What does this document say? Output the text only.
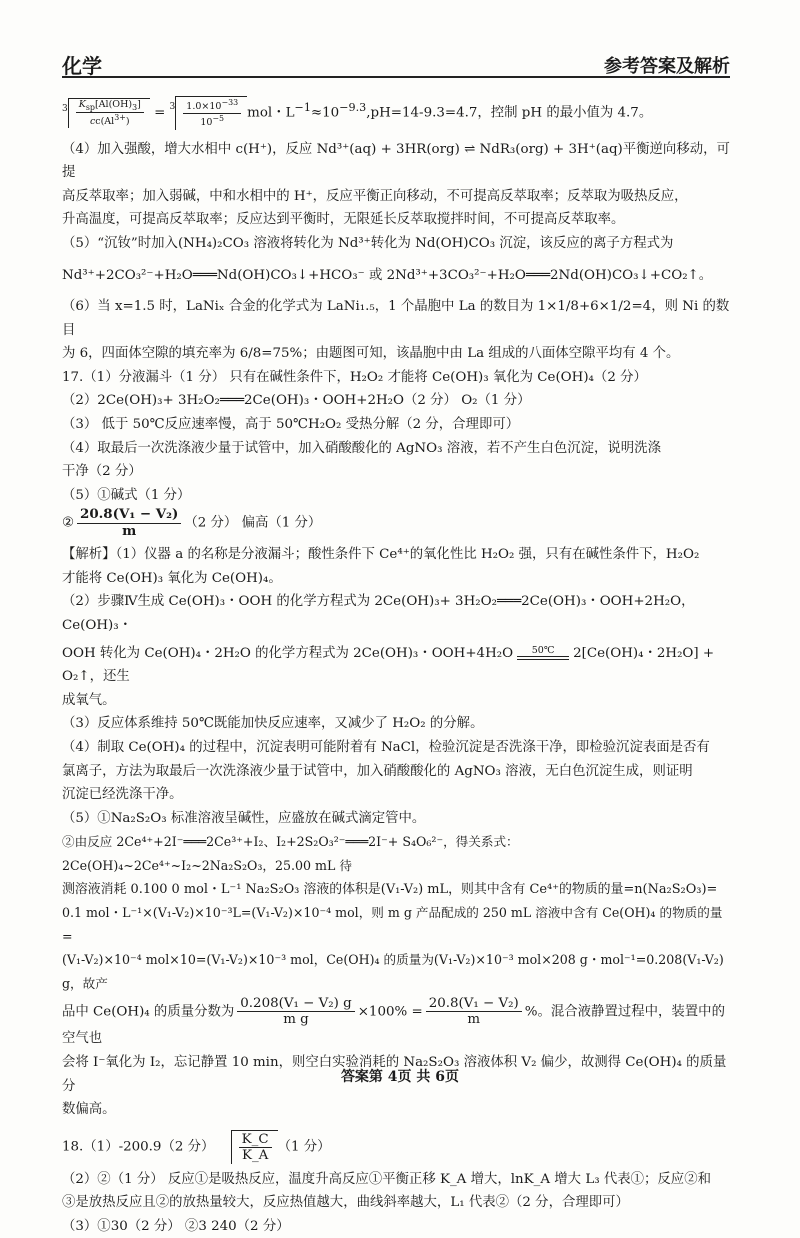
化学	参考答案及解析

$^3 \frac{K_{sp}[Al(OH)_3]}{cc(Al^{3+})} = ^3 \frac{1.0\times 10^{-33}}{10^{-5}}$ mol・$L^{-1}\approx 10^{-9.3},pH=14-9.3=4.7$，控制 pH 的最小值为 4.7。

（4）加入强酸，增大水相中 c(H⁺)，反应 Nd³⁺(aq) + 3HR(org) ⇌ NdR₃(org) + 3H⁺(aq)平衡逆向移动，可提

高反萃取率；加入弱碱，中和水相中的 H⁺，反应平衡正向移动，不可提高反萃取率；反萃取为吸热反应，

升高温度，可提高反萃取率；反应达到平衡时，无限延长反萃取搅拌时间，不可提高反萃取率。

（5）“沉钕”时加入(NH₄)₂CO₃ 溶液将转化为 Nd³⁺转化为 Nd(OH)CO₃ 沉淀，该反应的离子方程式为

Nd³⁺+2CO₃²⁻+H₂O═══Nd(OH)CO₃↓+HCO₃⁻ 或 2Nd³⁺+3CO₃²⁻+H₂O═══2Nd(OH)CO₃↓+CO₂↑。

（6）当 x=1.5 时，LaNiₓ 合金的化学式为 LaNi₁.₅，1 个晶胞中 La 的数目为 1×1/8+6×1/2=4，则 Ni 的数目

为 6，四面体空隙的填充率为 6/8=75%；由题图可知，该晶胞中由 La 组成的八面体空隙平均有 4 个。

17.（1）分液漏斗（1 分） 只有在碱性条件下，H₂O₂ 才能将 Ce(OH)₃ 氧化为 Ce(OH)₄（2 分）

（2）2Ce(OH)₃+ 3H₂O₂═══2Ce(OH)₃・OOH+2H₂O（2 分） O₂（1 分）

（3） 低于 50℃反应速率慢，高于 50℃H₂O₂ 受热分解（2 分，合理即可）

（4）取最后一次洗涤液少量于试管中，加入硝酸酸化的 AgNO₃ 溶液，若不产生白色沉淀，说明洗涤

干净（2 分）

（5）①碱式（1 分）

② $\frac{\text{20.8(V₁ − V₂)}}{m} (2$ 分） 偏高（1 分）

【解析】（1）仪器 a 的名称是分液漏斗；酸性条件下 Ce⁴⁺的氧化性比 H₂O₂ 强，只有在碱性条件下，H₂O₂

才能将 Ce(OH)₃ 氧化为 Ce(OH)₄。

（2）步骤Ⅳ生成 Ce(OH)₃・OOH 的化学方程式为 2Ce(OH)₃+ 3H₂O₂═══2Ce(OH)₃・OOH+2H₂O，Ce(OH)₃・

OOH 转化为 Ce(OH)₄・2H₂O 的化学方程式为 2Ce(OH)₃・OOH+4H₂O	50℃	2[Ce(OH)₄・2H₂O] + O₂↑，还生

成氧气。

（3）反应体系维持 50℃既能加快反应速率，又减少了 H₂O₂ 的分解。

（4）制取 Ce(OH)₄ 的过程中，沉淀表明可能附着有 NaCl，检验沉淀是否洗涤干净，即检验沉淀表面是否有

氯离子，方法为取最后一次洗涤液少量于试管中，加入硝酸酸化的 AgNO₃ 溶液，无白色沉淀生成，则证明

沉淀已经洗涤干净。

（5）①Na₂S₂O₃ 标准溶液呈碱性，应盛放在碱式滴定管中。

②由反应 2Ce⁴⁺+2I⁻═══2Ce³⁺+I₂、I₂+2S₂O₃²⁻═══2I⁻+ S₄O₆²⁻，得关系式：2Ce(OH)₄~2Ce⁴⁺~I₂~2Na₂S₂O₃，25.00 mL 待

测溶液消耗 0.100 0 mol・L⁻¹ Na₂S₂O₃ 溶液的体积是(V₁-V₂) mL，则其中含有 Ce⁴⁺的物质的量=n(Na₂S₂O₃)=

0.1 mol・L⁻¹×(V₁-V₂)×10⁻³L=(V₁-V₂)×10⁻⁴ mol，则 m g 产品配成的 250 mL 溶液中含有 Ce(OH)₄ 的物质的量=

(V₁-V₂)×10⁻⁴ mol×10=(V₁-V₂)×10⁻³ mol，Ce(OH)₄ 的质量为(V₁-V₂)×10⁻³ mol×208 g・mol⁻¹=0.208(V₁-V₂) g，故产

品中 Ce(OH)₄ 的质量分数为 $\frac{\text{0.208(V₁ − V₂) g}}{\text{m g}} \times 100\% = \frac{\text{20.8(V₁ − V₂)}}{m}$ %。混合液静置过程中，装置中的空气也

会将 I⁻氧化为 I₂，忘记静置 10 min，则空白实验消耗的 Na₂S₂O₃ 溶液体积 V₂ 偏少，故测得 Ce(OH)₄ 的质量分

数偏高。

18.（1）-200.9（2 分） $\frac{K\_C}{K\_A} (1$ 分）

（2）②（1 分） 反应①是吸热反应，温度升高反应①平衡正移 K_A 增大，lnK_A 增大 L₃ 代表①；反应②和

③是放热反应且②的放热量较大，反应热值越大，曲线斜率越大，L₁ 代表②（2 分，合理即可）

（3）①30（2 分） ②3 240（2 分）

答案第 4页 共 6页
